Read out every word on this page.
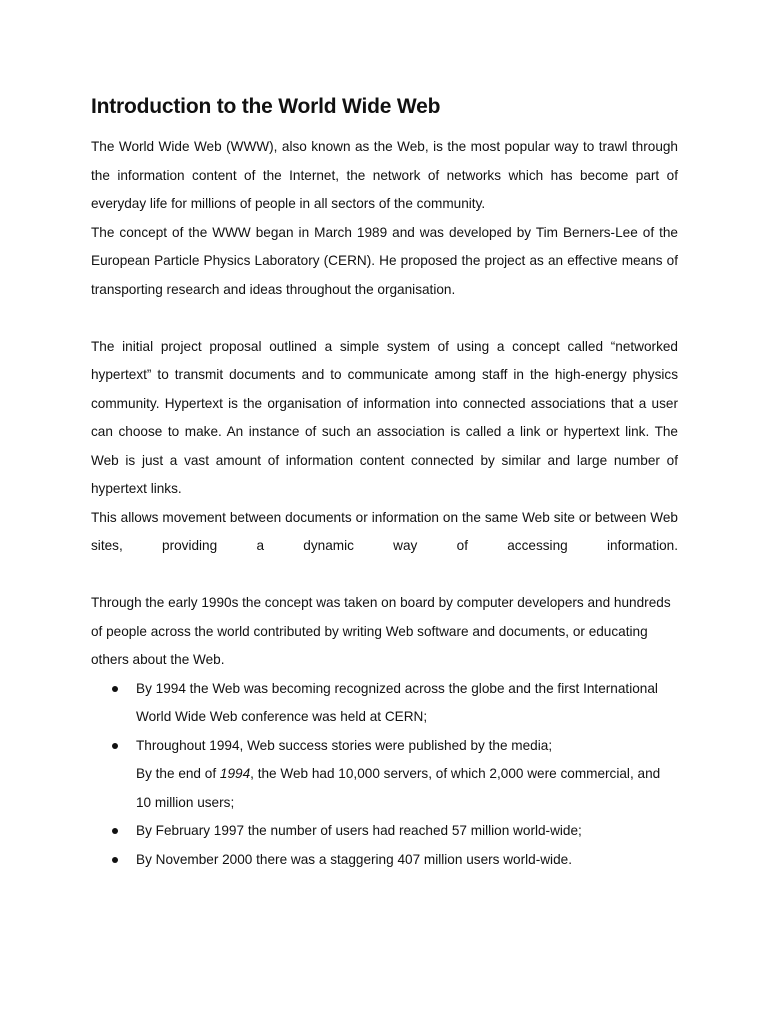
Introduction to the World Wide Web

The World Wide Web (WWW), also known as the Web, is the most popular way to trawl through the information content of the Internet, the network of networks which has become part of everyday life for millions of people in all sectors of the community.

The concept of the WWW began in March 1989 and was developed by Tim Berners-Lee of the European Particle Physics Laboratory (CERN). He proposed the project as an effective means of transporting research and ideas throughout the organisation.

The initial project proposal outlined a simple system of using a concept called “networked hypertext” to transmit documents and to communicate among staff in the high-energy physics community. Hypertext is the organisation of information into connected associations that a user can choose to make. An instance of such an association is called a link or hypertext link. The Web is just a vast amount of information content connected by similar and large number of hypertext links.

This allows movement between documents or information on the same Web site or between Web sites, providing a dynamic way of accessing information.

Through the early 1990s the concept was taken on board by computer developers and hundreds of people across the world contributed by writing Web software and documents, or educating others about the Web.

By 1994 the Web was becoming recognized across the globe and the first International World Wide Web conference was held at CERN;
Throughout 1994, Web success stories were published by the media;
By the end of 1994, the Web had 10,000 servers, of which 2,000 were commercial, and 10 million users;
By February 1997 the number of users had reached 57 million world-wide;
By November 2000 there was a staggering 407 million users world-wide.
